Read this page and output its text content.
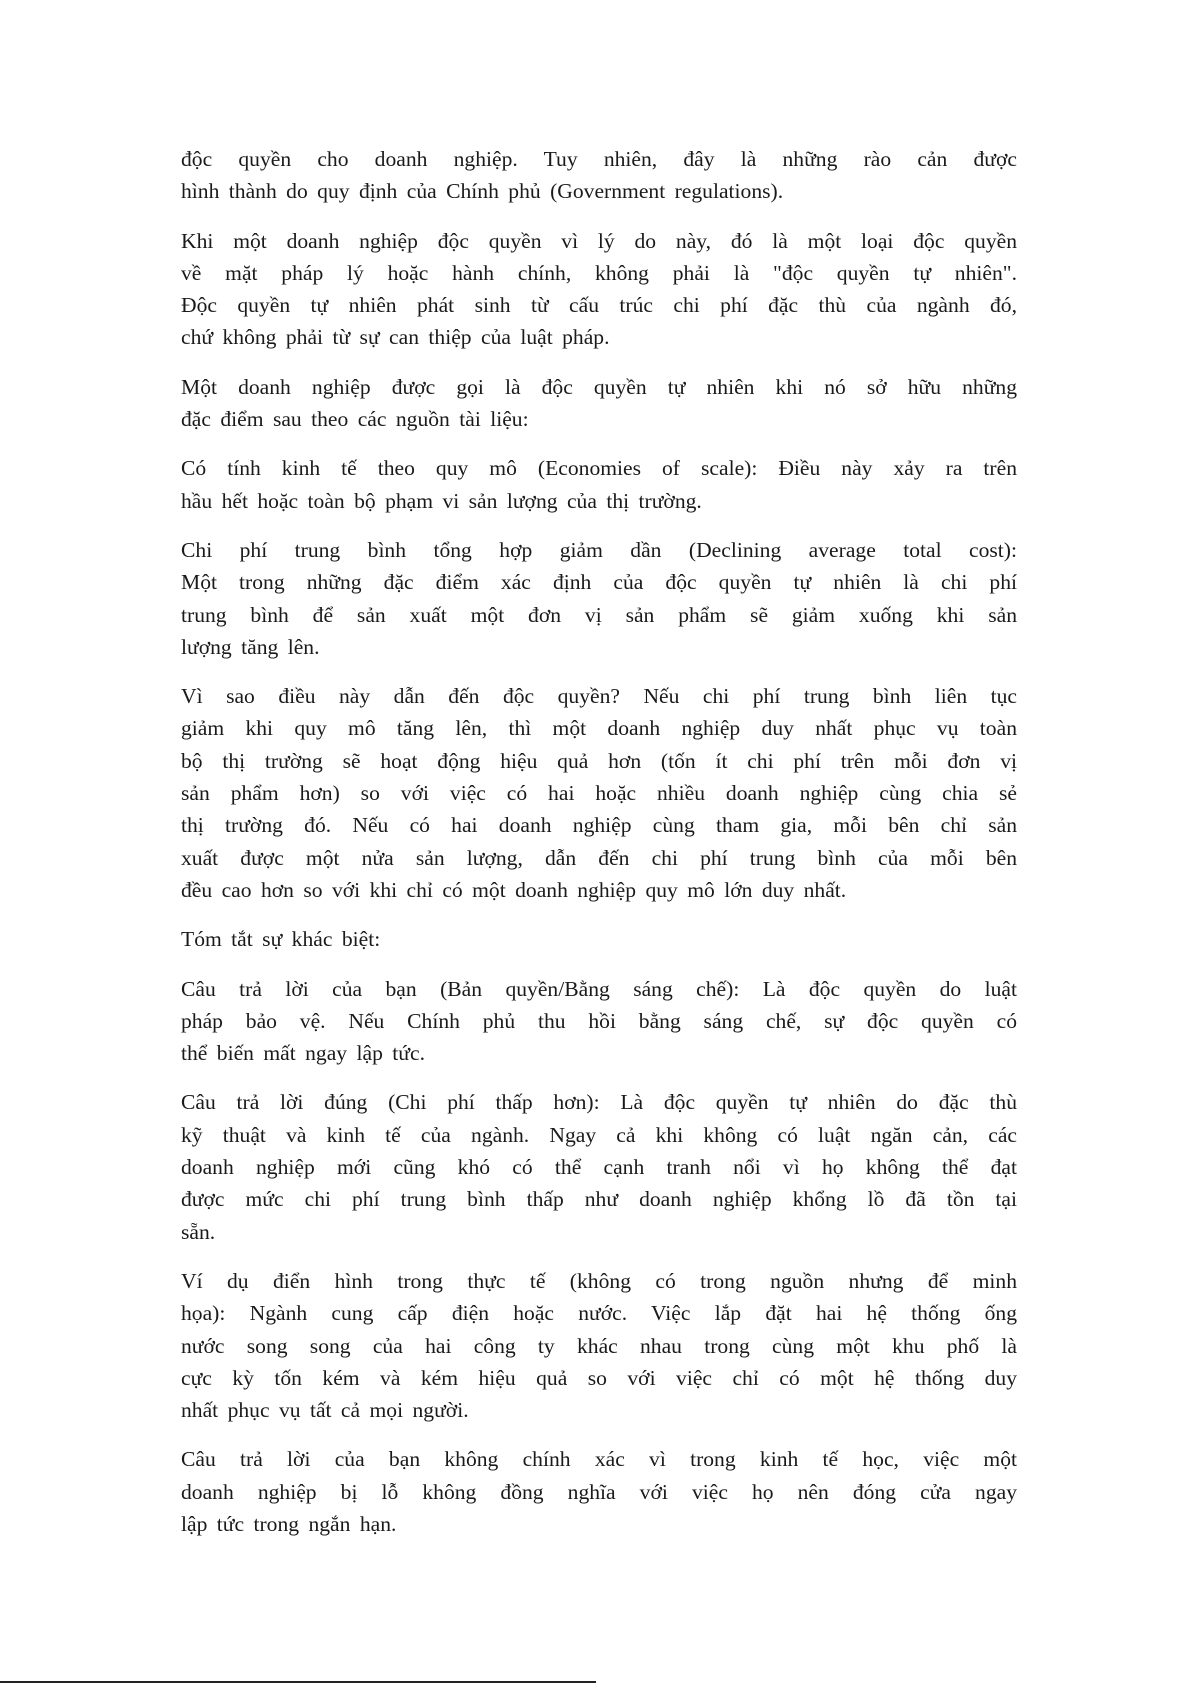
độc quyền cho doanh nghiệp. Tuy nhiên, đây là những rào cản được
hình thành do quy định của Chính phủ (Government regulations).

Khi một doanh nghiệp độc quyền vì lý do này, đó là một loại độc quyền
về mặt pháp lý hoặc hành chính, không phải là "độc quyền tự nhiên".
Độc quyền tự nhiên phát sinh từ cấu trúc chi phí đặc thù của ngành đó,
chứ không phải từ sự can thiệp của luật pháp.

Một doanh nghiệp được gọi là độc quyền tự nhiên khi nó sở hữu những
đặc điểm sau theo các nguồn tài liệu:

Có tính kinh tế theo quy mô (Economies of scale): Điều này xảy ra trên
hầu hết hoặc toàn bộ phạm vi sản lượng của thị trường.

Chi phí trung bình tổng hợp giảm dần (Declining average total cost):
Một trong những đặc điểm xác định của độc quyền tự nhiên là chi phí
trung bình để sản xuất một đơn vị sản phẩm sẽ giảm xuống khi sản
lượng tăng lên.

Vì sao điều này dẫn đến độc quyền? Nếu chi phí trung bình liên tục
giảm khi quy mô tăng lên, thì một doanh nghiệp duy nhất phục vụ toàn
bộ thị trường sẽ hoạt động hiệu quả hơn (tốn ít chi phí trên mỗi đơn vị
sản phẩm hơn) so với việc có hai hoặc nhiều doanh nghiệp cùng chia sẻ
thị trường đó. Nếu có hai doanh nghiệp cùng tham gia, mỗi bên chỉ sản
xuất được một nửa sản lượng, dẫn đến chi phí trung bình của mỗi bên
đều cao hơn so với khi chỉ có một doanh nghiệp quy mô lớn duy nhất.

Tóm tắt sự khác biệt:

Câu trả lời của bạn (Bản quyền/Bằng sáng chế): Là độc quyền do luật
pháp bảo vệ. Nếu Chính phủ thu hồi bằng sáng chế, sự độc quyền có
thể biến mất ngay lập tức.

Câu trả lời đúng (Chi phí thấp hơn): Là độc quyền tự nhiên do đặc thù
kỹ thuật và kinh tế của ngành. Ngay cả khi không có luật ngăn cản, các
doanh nghiệp mới cũng khó có thể cạnh tranh nổi vì họ không thể đạt
được mức chi phí trung bình thấp như doanh nghiệp khổng lồ đã tồn tại
sẵn.

Ví dụ điển hình trong thực tế (không có trong nguồn nhưng để minh
họa): Ngành cung cấp điện hoặc nước. Việc lắp đặt hai hệ thống ống
nước song song của hai công ty khác nhau trong cùng một khu phố là
cực kỳ tốn kém và kém hiệu quả so với việc chỉ có một hệ thống duy
nhất phục vụ tất cả mọi người.

Câu trả lời của bạn không chính xác vì trong kinh tế học, việc một
doanh nghiệp bị lỗ không đồng nghĩa với việc họ nên đóng cửa ngay
lập tức trong ngắn hạn.
